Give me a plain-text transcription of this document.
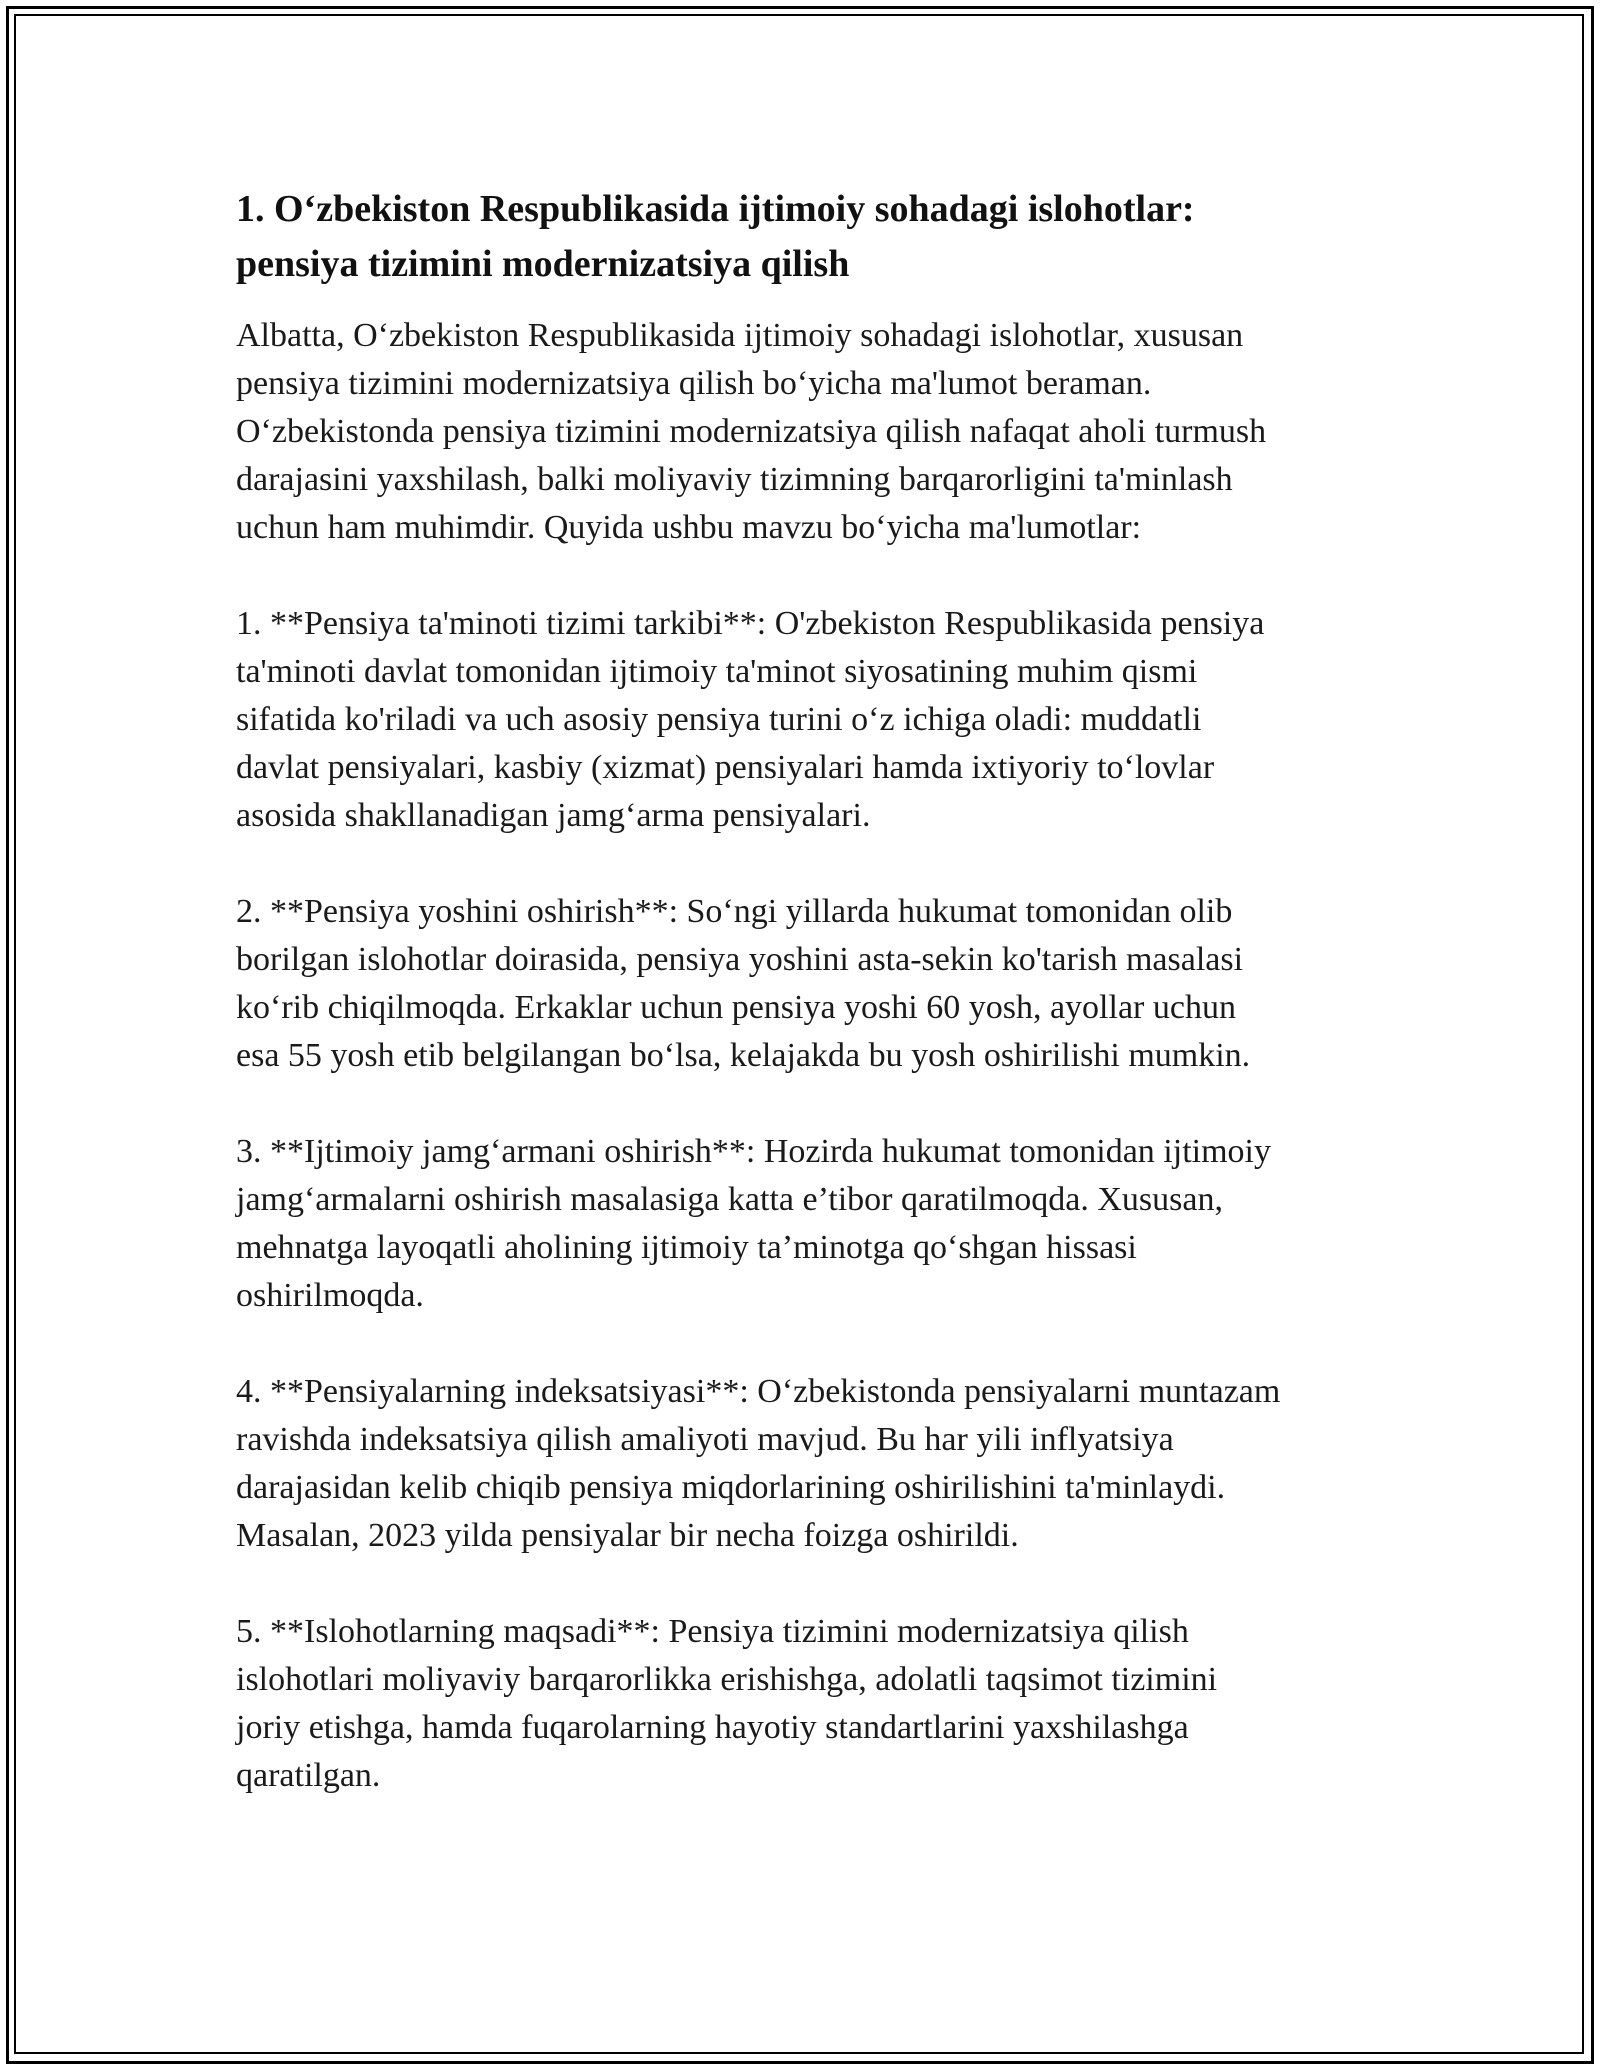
1. O‘zbekiston Respublikasida ijtimoiy sohadagi islohotlar:
pensiya tizimini modernizatsiya qilish

Albatta, O‘zbekiston Respublikasida ijtimoiy sohadagi islohotlar, xususan
pensiya tizimini modernizatsiya qilish bo‘yicha ma'lumot beraman.
O‘zbekistonda pensiya tizimini modernizatsiya qilish nafaqat aholi turmush
darajasini yaxshilash, balki moliyaviy tizimning barqarorligini ta'minlash
uchun ham muhimdir. Quyida ushbu mavzu bo‘yicha ma'lumotlar:

1. **Pensiya ta'minoti tizimi tarkibi**: O'zbekiston Respublikasida pensiya
ta'minoti davlat tomonidan ijtimoiy ta'minot siyosatining muhim qismi
sifatida ko'riladi va uch asosiy pensiya turini o‘z ichiga oladi: muddatli
davlat pensiyalari, kasbiy (xizmat) pensiyalari hamda ixtiyoriy to‘lovlar
asosida shakllanadigan jamg‘arma pensiyalari.

2. **Pensiya yoshini oshirish**: So‘ngi yillarda hukumat tomonidan olib
borilgan islohotlar doirasida, pensiya yoshini asta-sekin ko'tarish masalasi
ko‘rib chiqilmoqda. Erkaklar uchun pensiya yoshi 60 yosh, ayollar uchun
esa 55 yosh etib belgilangan bo‘lsa, kelajakda bu yosh oshirilishi mumkin.

3. **Ijtimoiy jamg‘armani oshirish**: Hozirda hukumat tomonidan ijtimoiy
jamg‘armalarni oshirish masalasiga katta e’tibor qaratilmoqda. Xususan,
mehnatga layoqatli aholining ijtimoiy ta’minotga qo‘shgan hissasi
oshirilmoqda.

4. **Pensiyalarning indeksatsiyasi**: O‘zbekistonda pensiyalarni muntazam
ravishda indeksatsiya qilish amaliyoti mavjud. Bu har yili inflyatsiya
darajasidan kelib chiqib pensiya miqdorlarining oshirilishini ta'minlaydi.
Masalan, 2023 yilda pensiyalar bir necha foizga oshirildi.

5. **Islohotlarning maqsadi**: Pensiya tizimini modernizatsiya qilish
islohotlari moliyaviy barqarorlikka erishishga, adolatli taqsimot tizimini
joriy etishga, hamda fuqarolarning hayotiy standartlarini yaxshilashga
qaratilgan.
